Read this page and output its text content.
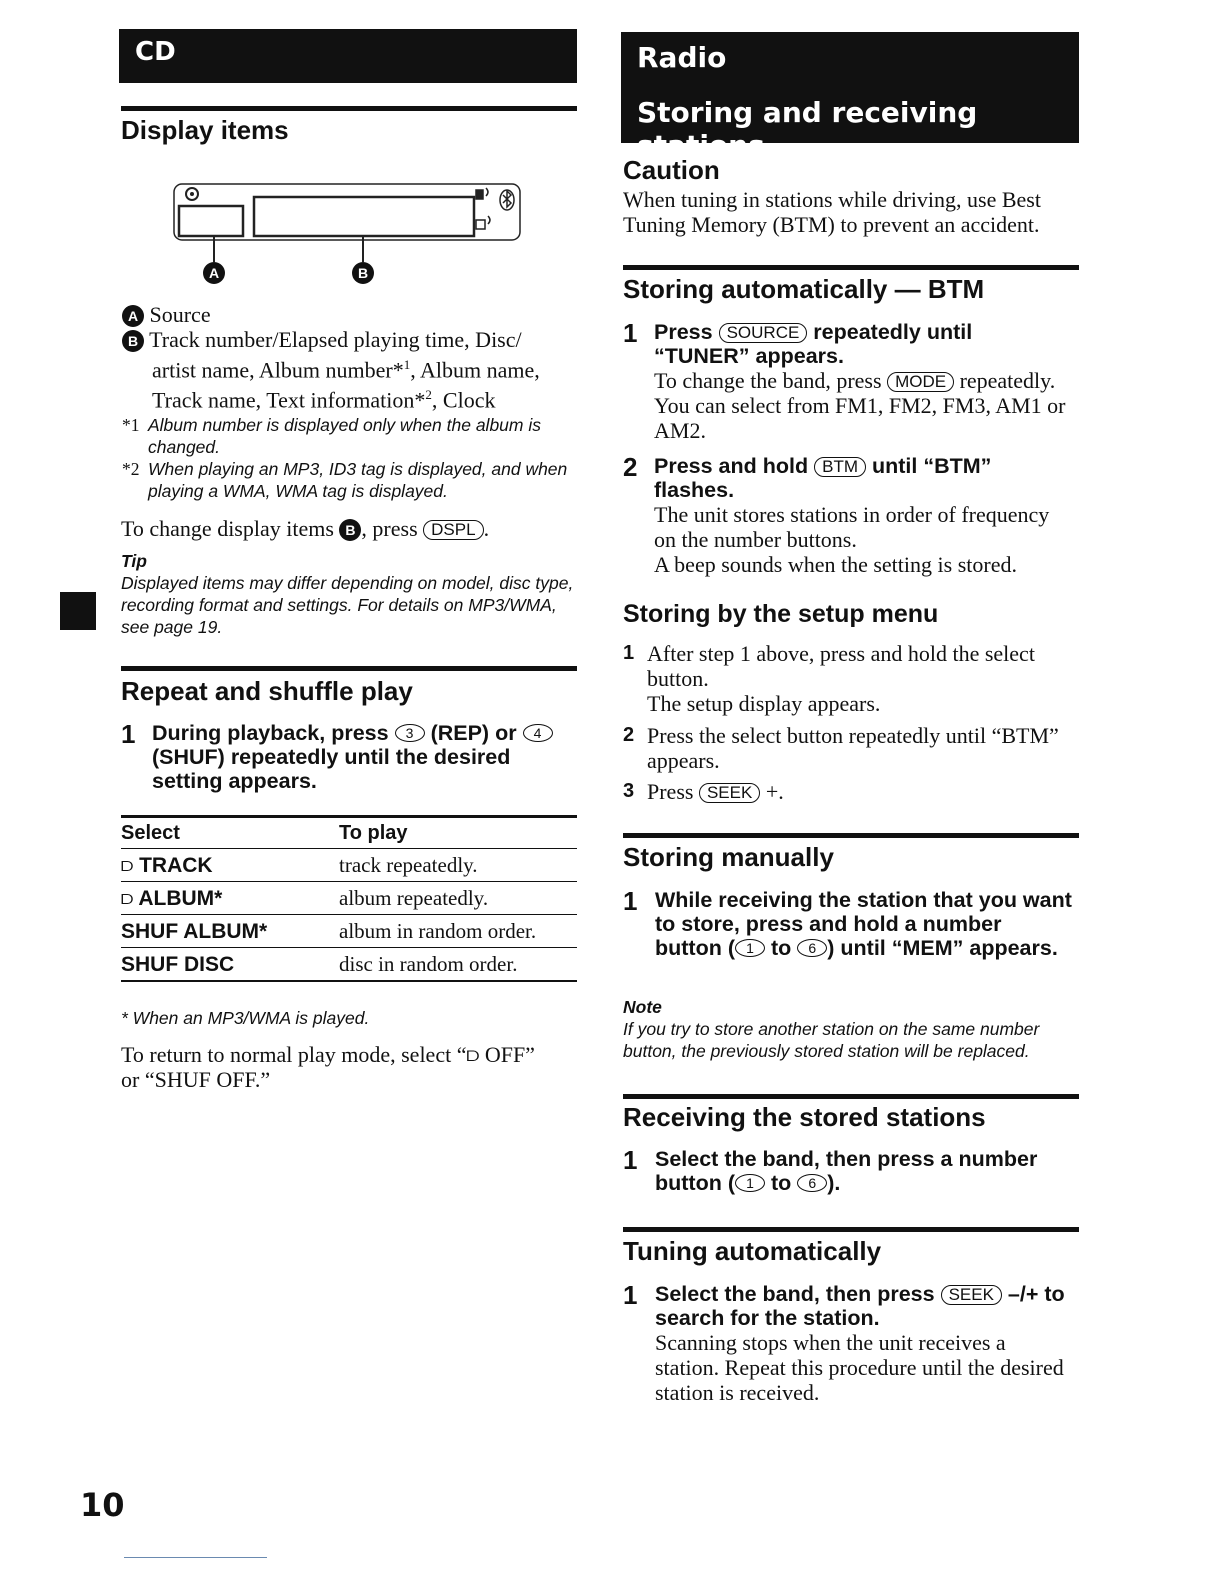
CD
Display items
A	B
A Source
B Track number/Elapsed playing time, Disc/
artist name, Album number*$^1$, Album name,
Track name, Text information*$^2$, Clock
*1 Album number is displayed only when the album is changed.
*2 When playing an MP3, ID3 tag is displayed, and when playing a WMA, WMA tag is displayed.
To change display items B , press DSPL .
Tip
Displayed items may differ depending on model, disc type, recording format and settings. For details on MP3/WMA, see page 19.
Repeat and shuffle play
1 During playback, press 3 (REP) or 4 (SHUF) repeatedly until the desired setting appears.
Select	To play
⫐ TRACK	track repeatedly.
⫐ ALBUM*	album repeatedly.
SHUF ALBUM*	album in random order.
SHUF DISC	disc in random order.
* When an MP3/WMA is played.
To return to normal play mode, select “⫐ OFF”
or “SHUF OFF.”
10
Radio
Storing and receiving stations
Caution
When tuning in stations while driving, use Best Tuning Memory (BTM) to prevent an accident.
Storing automatically — BTM
1 Press SOURCE repeatedly until
“TUNER” appears.
To change the band, press MODE repeatedly. You can select from FM1, FM2, FM3, AM1 or AM2.
2 Press and hold BTM until “BTM”
flashes.
The unit stores stations in order of frequency on the number buttons.
A beep sounds when the setting is stored.
Storing by the setup menu
1 After step 1 above, press and hold the select button.
The setup display appears.
2 Press the select button repeatedly until “BTM” appears.
3 Press SEEK +.
Storing manually
1 While receiving the station that you want to store, press and hold a number button ( 1 to 6 ) until “MEM” appears.
Note
If you try to store another station on the same number button, the previously stored station will be replaced.
Receiving the stored stations
1 Select the band, then press a number button ( 1 to 6 ).
Tuning automatically
1 Select the band, then press SEEK –/+ to search for the station.
Scanning stops when the unit receives a station. Repeat this procedure until the desired station is received.
